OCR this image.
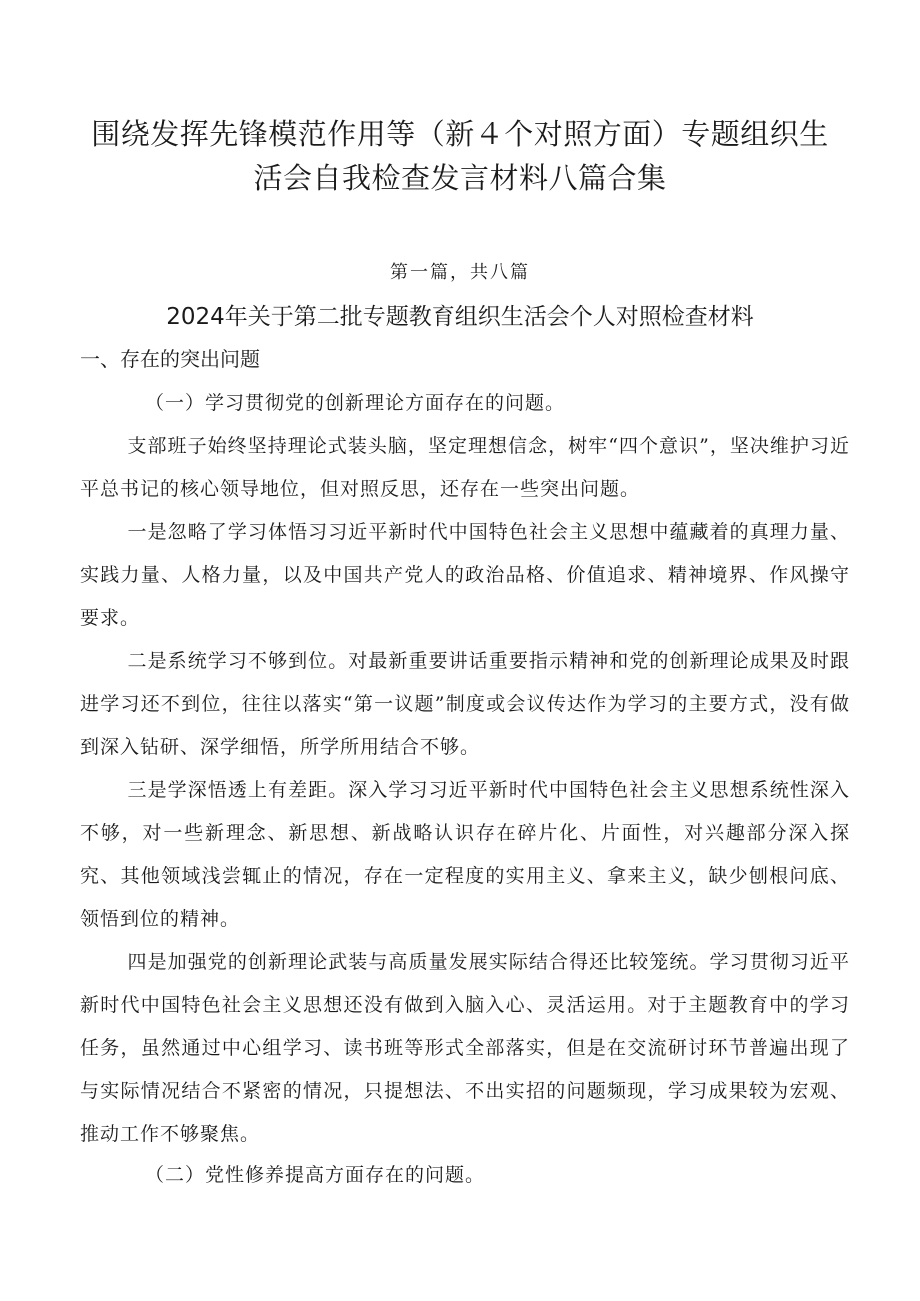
围绕发挥先锋模范作用等（新４个对照方面）专题组织生活会自我检查发言材料八篇合集
第一篇，共八篇
2024年关于第二批专题教育组织生活会个人对照检查材料
一、存在的突出问题
（一）学习贯彻党的创新理论方面存在的问题。

支部班子始终坚持理论式装头脑，坚定理想信念，树牢“四个意识”，坚决维护习近平总书记的核心领导地位，但对照反思，还存在一些突出问题。

一是忽略了学习体悟习习近平新时代中国特色社会主义思想中蕴藏着的真理力量、实践力量、人格力量，以及中国共产党人的政治品格、价值追求、精神境界、作风操守要求。

二是系统学习不够到位。对最新重要讲话重要指示精神和党的创新理论成果及时跟进学习还不到位，往往以落实“第一议题”制度或会议传达作为学习的主要方式，没有做到深入钻研、深学细悟，所学所用结合不够。

三是学深悟透上有差距。深入学习习近平新时代中国特色社会主义思想系统性深入不够，对一些新理念、新思想、新战略认识存在碎片化、片面性，对兴趣部分深入探究、其他领域浅尝辄止的情况，存在一定程度的实用主义、拿来主义，缺少刨根问底、领悟到位的精神。

四是加强党的创新理论武装与高质量发展实际结合得还比较笼统。学习贯彻习近平新时代中国特色社会主义思想还没有做到入脑入心、灵活运用。对于主题教育中的学习任务，虽然通过中心组学习、读书班等形式全部落实，但是在交流研讨环节普遍出现了与实际情况结合不紧密的情况，只提想法、不出实招的问题频现，学习成果较为宏观、推动工作不够聚焦。

（二）党性修养提高方面存在的问题。
